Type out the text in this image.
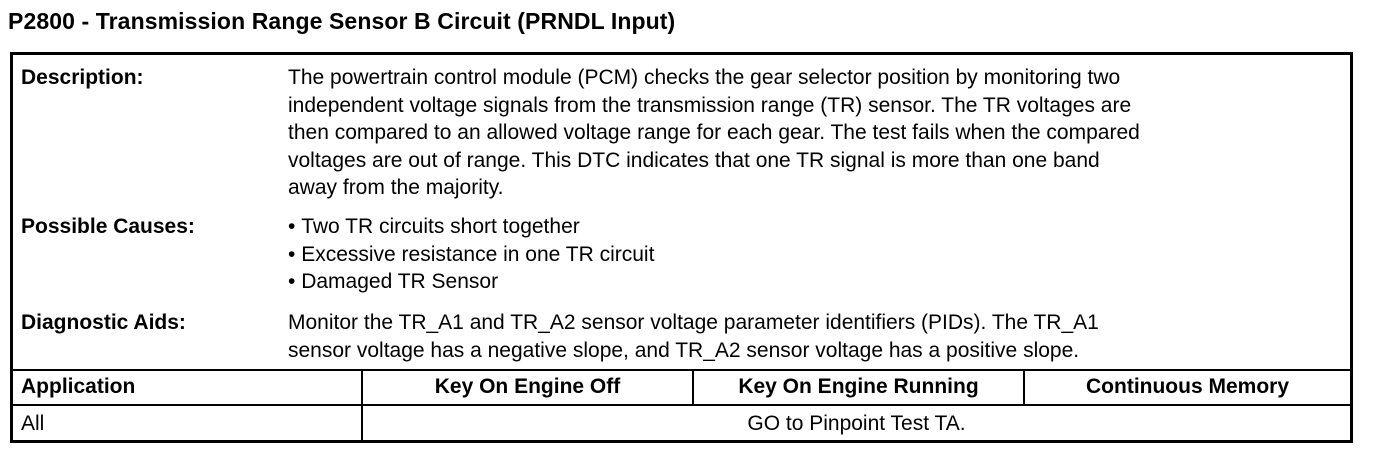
P2800 - Transmission Range Sensor B Circuit (PRNDL Input)
Description:	The powertrain control module (PCM) checks the gear selector position by monitoring two
independent voltage signals from the transmission range (TR) sensor. The TR voltages are
then compared to an allowed voltage range for each gear. The test fails when the compared
voltages are out of range. This DTC indicates that one TR signal is more than one band
away from the majority.
Possible Causes:
•	Two TR circuits short together
• Excessive resistance in one TR circuit
• Damaged TR Sensor
Diagnostic Aids:	Monitor the TR_A1 and TR_A2 sensor voltage parameter identifiers (PIDs). The TR_A1
sensor voltage has a negative slope, and TR_A2 sensor voltage has a positive slope.
Application	Key On Engine Off	Key On Engine Running	Continuous Memory
All	GO to Pinpoint Test TA.
